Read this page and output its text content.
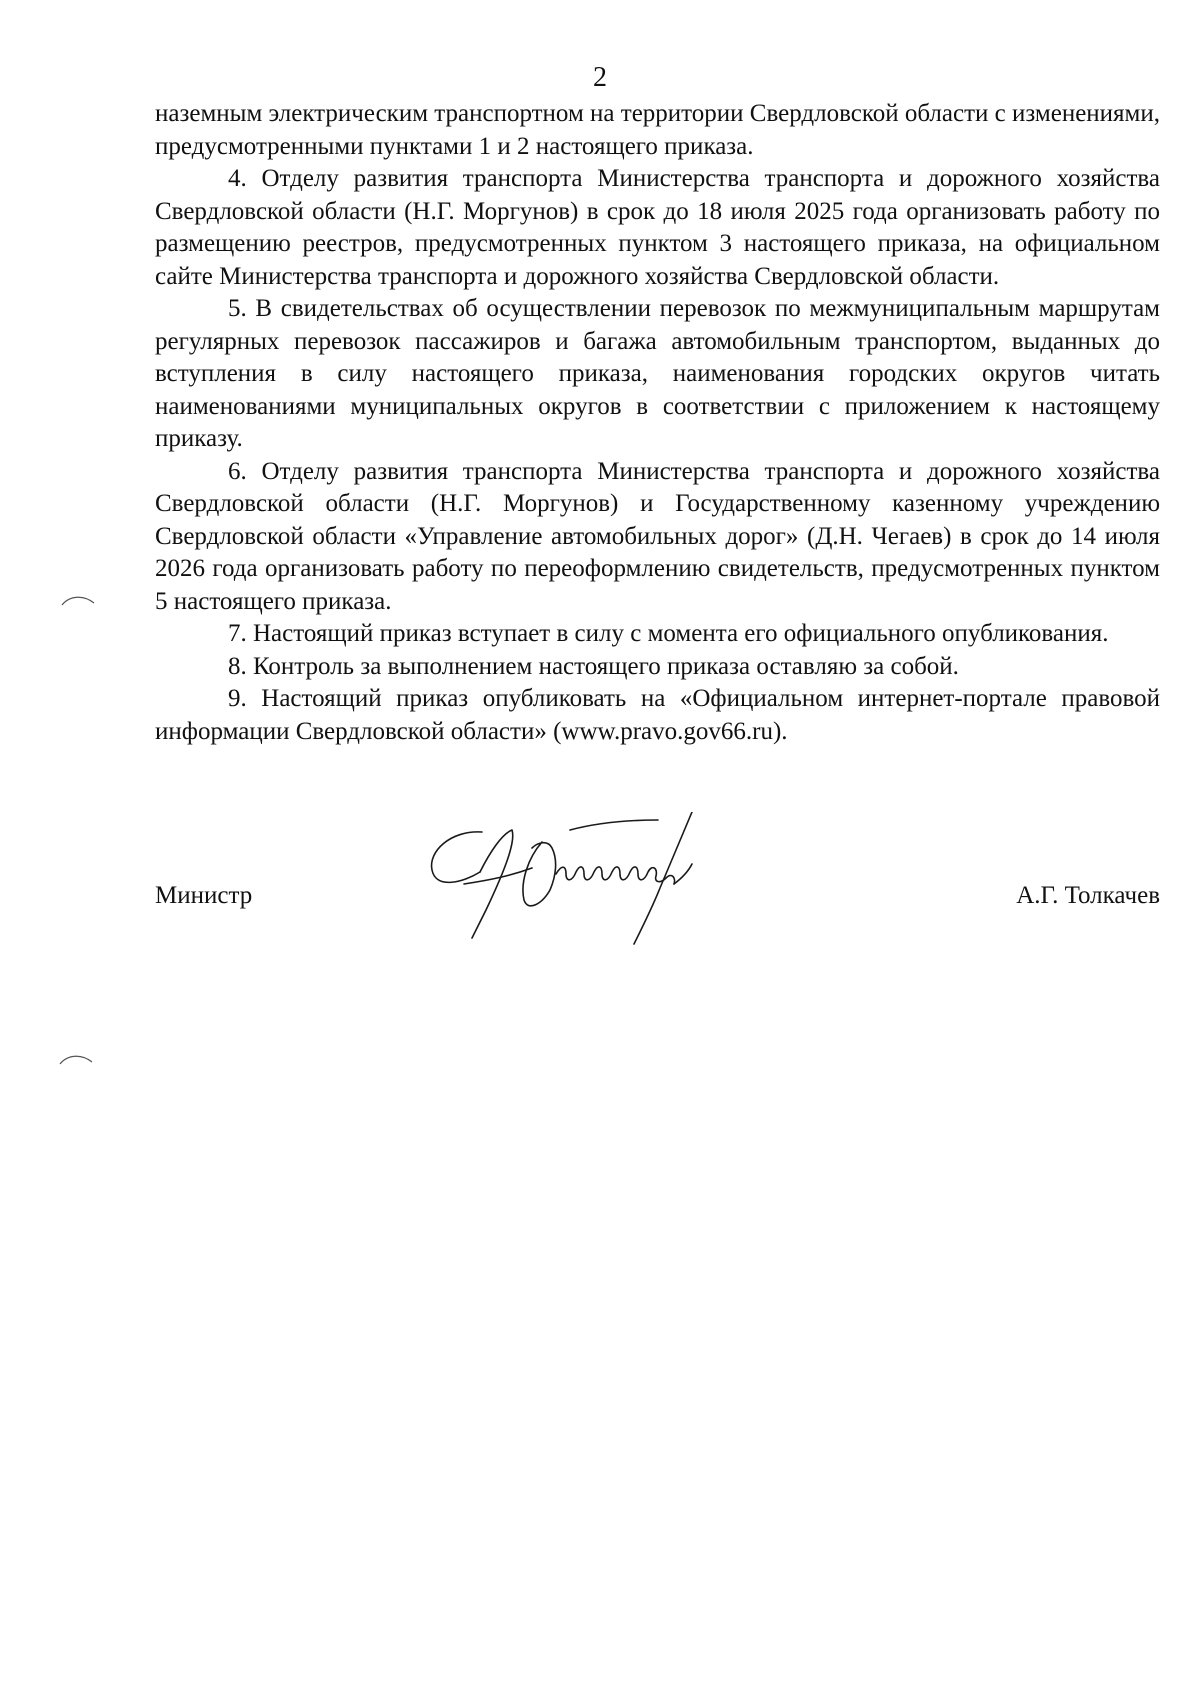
2

наземным электрическим транспортном на территории Свердловской области с изменениями, предусмотренными пунктами 1 и 2 настоящего приказа.

4. Отделу развития транспорта Министерства транспорта и дорожного хозяйства Свердловской области (Н.Г. Моргунов) в срок до 18 июля 2025 года организовать работу по размещению реестров, предусмотренных пунктом 3 настоящего приказа, на официальном сайте Министерства транспорта и дорожного хозяйства Свердловской области.

5. В свидетельствах об осуществлении перевозок по межмуниципальным маршрутам регулярных перевозок пассажиров и багажа автомобильным транспортом, выданных до вступления в силу настоящего приказа, наименования городских округов читать наименованиями муниципальных округов в соответствии с приложением к настоящему приказу.

6. Отделу развития транспорта Министерства транспорта и дорожного хозяйства Свердловской области (Н.Г. Моргунов) и Государственному казенному учреждению Свердловской области «Управление автомобильных дорог» (Д.Н. Чегаев) в срок до 14 июля 2026 года организовать работу по переоформлению свидетельств, предусмотренных пунктом 5 настоящего приказа.

7. Настоящий приказ вступает в силу с момента его официального опубликования.

8. Контроль за выполнением настоящего приказа оставляю за собой.

9. Настоящий приказ опубликовать на «Официальном интернет-портале правовой информации Свердловской области» (www.pravo.gov66.ru).

Министр	А.Г. Толкачев
